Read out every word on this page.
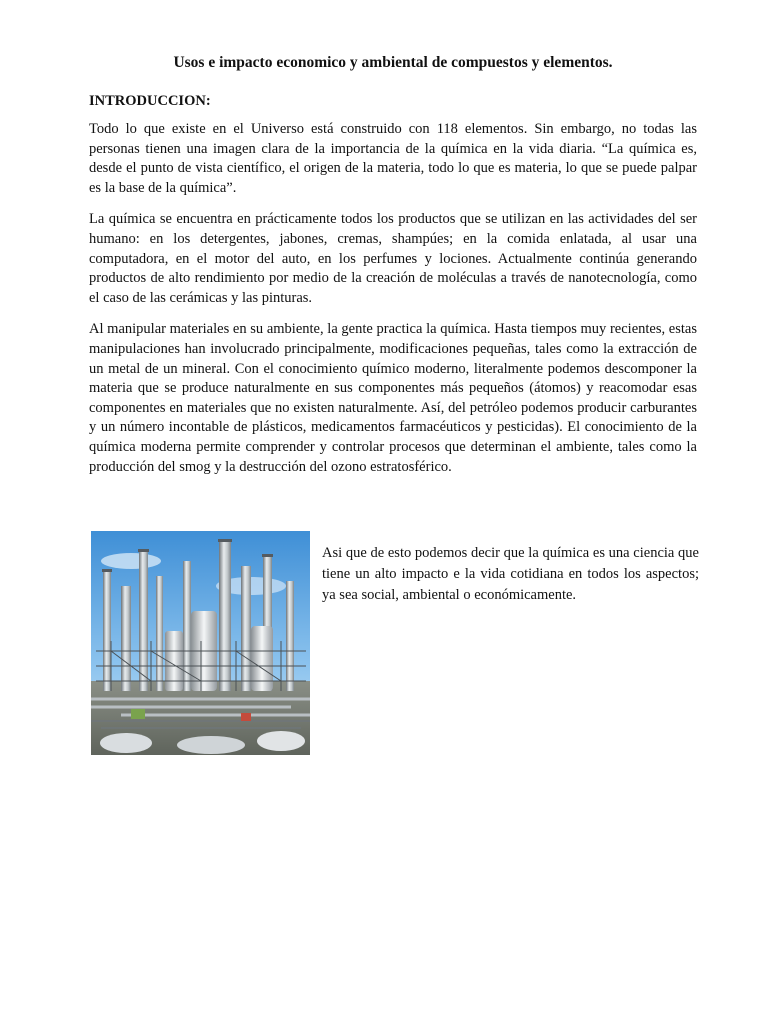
Usos e impacto economico y ambiental de compuestos y elementos.

INTRODUCCION:

Todo lo que existe en el Universo está construido con 118 elementos. Sin embargo, no todas las personas tienen una imagen clara de la importancia de la química en la vida diaria. “La química es, desde el punto de vista científico, el origen de la materia, todo lo que es materia, lo que se puede palpar es la base de la química”.

La química se encuentra en prácticamente todos los productos que se utilizan en las actividades del ser humano: en los detergentes, jabones, cremas, shampúes; en la comida enlatada, al usar una computadora, en el motor del auto, en los perfumes y lociones. Actualmente continúa generando productos de alto rendimiento por medio de la creación de moléculas a través de nanotecnología, como el caso de las cerámicas y las pinturas.

Al manipular materiales en su ambiente, la gente practica la química. Hasta tiempos muy recientes, estas manipulaciones han involucrado principalmente, modificaciones pequeñas, tales como la extracción de un metal de un mineral. Con el conocimiento químico moderno, literalmente podemos descomponer la materia que se produce naturalmente en sus componentes más pequeños (átomos) y reacomodar esas componentes en materiales que no existen naturalmente. Así, del petróleo podemos producir carburantes y un número incontable de plásticos, medicamentos farmacéuticos y pesticidas). El conocimiento de la química moderna permite comprender y controlar procesos que determinan el ambiente, tales como la producción del smog y la destrucción del ozono estratosférico.

Asi que de esto podemos decir que la química es una ciencia que tiene un alto impacto e la vida cotidiana en todos los aspectos; ya sea social, ambiental o económicamente.
